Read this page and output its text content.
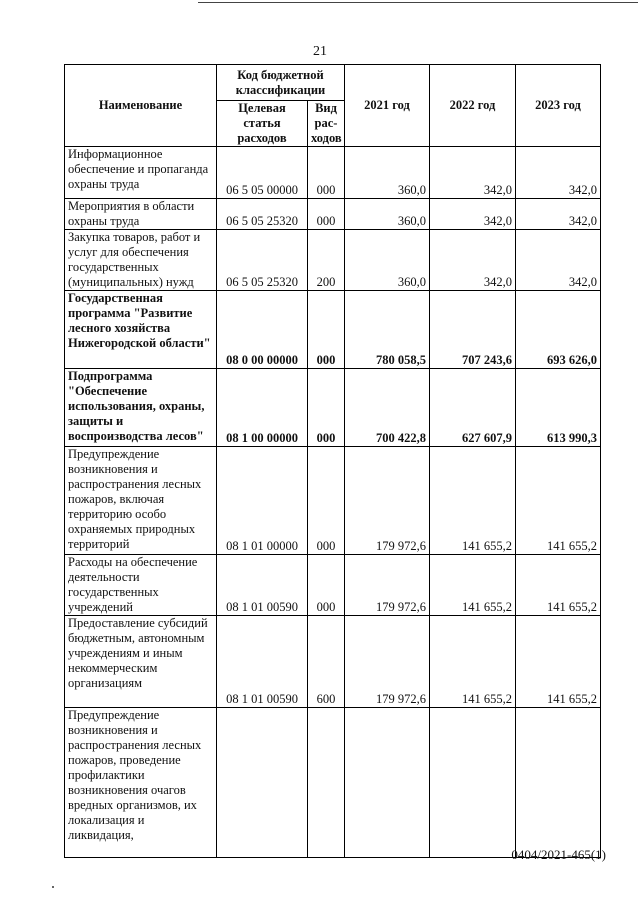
21
Наименование	Код бюджетной классификации		2021 год	2022 год	2023 год
	Целевая статья расходов	Вид рас-ходов			
Информационное обеспечение и пропаганда охраны труда	06 5 05 00000	000	360,0	342,0	342,0
Мероприятия в области охраны труда	06 5 05 25320	000	360,0	342,0	342,0
Закупка товаров, работ и услуг для обеспечения государственных (муниципальных) нужд	06 5 05 25320	200	360,0	342,0	342,0
Государственная программа "Развитие лесного хозяйства Нижегородской области"	08 0 00 00000	000	780 058,5	707 243,6	693 626,0
Подпрограмма "Обеспечение использования, охраны, защиты и воспроизводства лесов"	08 1 00 00000	000	700 422,8	627 607,9	613 990,3
Предупреждение возникновения и распространения лесных пожаров, включая территорию особо охраняемых природных территорий	08 1 01 00000	000	179 972,6	141 655,2	141 655,2
Расходы на обеспечение деятельности государственных учреждений	08 1 01 00590	000	179 972,6	141 655,2	141 655,2
Предоставление субсидий бюджетным, автономным учреждениям и иным некоммерческим организациям	08 1 01 00590	600	179 972,6	141 655,2	141 655,2
Предупреждение возникновения и распространения лесных пожаров, проведение профилактики возникновения очагов вредных организмов, их локализация и ликвидация,					
0404/2021-465(1)
